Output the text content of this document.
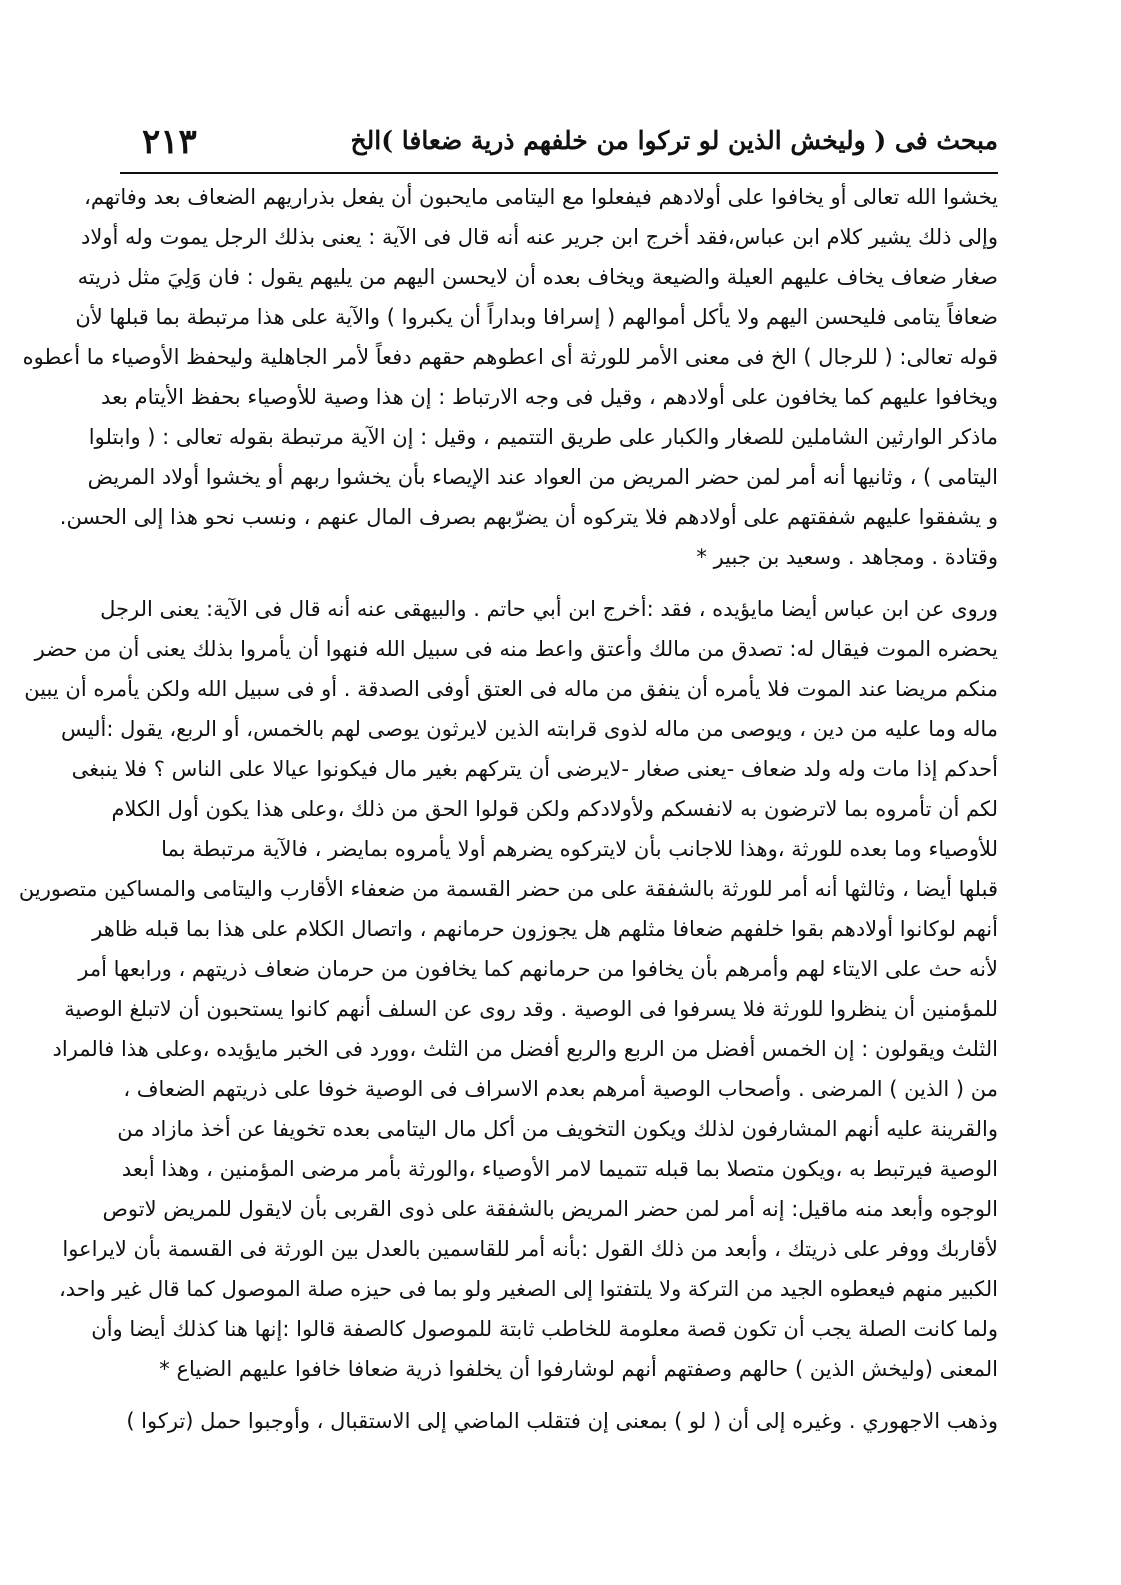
مبحث فى ( وليخش الذين لو تركوا من خلفهم ذرية ضعافا )الخ
٢١٣
يخشوا الله تعالى أو يخافوا على أولادهم فيفعلوا مع اليتامى مايحبون أن يفعل بذراريهم الضعاف بعد وفاتهم،
وإلى ذلك يشير كلام ابن عباس،فقد أخرج ابن جرير عنه أنه قال فى الآية : يعنى بذلك الرجل يموت وله أولاد
صغار ضعاف يخاف عليهم العيلة والضيعة ويخاف بعده أن لايحسن اليهم من يليهم يقول : فان وَلِيَ مثل ذريته
ضعافاً يتامى فليحسن اليهم ولا يأكل أموالهم ( إسرافا وبداراً أن يكبروا ) والآية على هذا مرتبطة بما قبلها لأن
قوله تعالى: ( للرجال ) الخ فى معنى الأمر للورثة أى اعطوهم حقهم دفعاً لأمر الجاهلية وليحفظ الأوصياء ما أعطوه
ويخافوا عليهم كما يخافون على أولادهم ، وقيل فى وجه الارتباط : إن هذا وصية للأوصياء بحفظ الأيتام بعد
ماذكر الوارثين الشاملين للصغار والكبار على طريق التتميم ، وقيل : إن الآية مرتبطة بقوله تعالى : ( وابتلوا
اليتامى ) ، وثانيها أنه أمر لمن حضر المريض من العواد عند الإيصاء بأن يخشوا ربهم أو يخشوا أولاد المريض
و يشفقوا عليهم شفقتهم على أولادهم فلا يتركوه أن يضرّبهم بصرف المال عنهم ، ونسب نحو هذا إلى الحسن.
وقتادة . ومجاهد . وسعيد بن جبير *
وروى عن ابن عباس أيضا مايؤيده ، فقد :أخرج ابن أبي حاتم . والبيهقى عنه أنه قال فى الآية: يعنى الرجل
يحضره الموت فيقال له: تصدق من مالك وأعتق واعط منه فى سبيل الله فنهوا أن يأمروا بذلك يعنى أن من حضر
منكم مريضا عند الموت فلا يأمره أن ينفق من ماله فى العتق أوفى الصدقة . أو فى سبيل الله ولكن يأمره أن يبين
ماله وما عليه من دين ، ويوصى من ماله لذوى قرابته الذين لايرثون يوصى لهم بالخمس، أو الربع، يقول :أليس
أحدكم إذا مات وله ولد ضعاف -يعنى صغار -لايرضى أن يتركهم بغير مال فيكونوا عيالا على الناس ؟ فلا ينبغى
لكم أن تأمروه بما لاترضون به لانفسكم ولأولادكم ولكن قولوا الحق من ذلك ،وعلى هذا يكون أول الكلام
للأوصياء وما بعده للورثة ،وهذا للاجانب بأن لايتركوه يضرهم أولا يأمروه بمايضر ، فالآية مرتبطة بما
قبلها أيضا ، وثالثها أنه أمر للورثة بالشفقة على من حضر القسمة من ضعفاء الأقارب واليتامى والمساكين متصورين
أنهم لوكانوا أولادهم بقوا خلفهم ضعافا مثلهم هل يجوزون حرمانهم ، واتصال الكلام على هذا بما قبله ظاهر
لأنه حث على الايتاء لهم وأمرهم بأن يخافوا من حرمانهم كما يخافون من حرمان ضعاف ذريتهم ، ورابعها أمر
للمؤمنين أن ينظروا للورثة فلا يسرفوا فى الوصية . وقد روى عن السلف أنهم كانوا يستحبون أن لاتبلغ الوصية
الثلث ويقولون : إن الخمس أفضل من الربع والربع أفضل من الثلث ،وورد فى الخبر مايؤيده ،وعلى هذا فالمراد
من ( الذين ) المرضى . وأصحاب الوصية أمرهم بعدم الاسراف فى الوصية خوفا على ذريتهم الضعاف ،
والقرينة عليه أنهم المشارفون لذلك ويكون التخويف من أكل مال اليتامى بعده تخويفا عن أخذ مازاد من
الوصية فيرتبط به ،ويكون متصلا بما قبله تتميما لامر الأوصياء ،والورثة بأمر مرضى المؤمنين ، وهذا أبعد
الوجوه وأبعد منه ماقيل: إنه أمر لمن حضر المريض بالشفقة على ذوى القربى بأن لايقول للمريض لاتوص
لأقاربك ووفر على ذريتك ، وأبعد من ذلك القول :بأنه أمر للقاسمين بالعدل بين الورثة فى القسمة بأن لايراعوا
الكبير منهم فيعطوه الجيد من التركة ولا يلتفتوا إلى الصغير ولو بما فى حيزه صلة الموصول كما قال غير واحد،
ولما كانت الصلة يجب أن تكون قصة معلومة للخاطب ثابتة للموصول كالصفة قالوا :إنها هنا كذلك أيضا وأن
المعنى (وليخش الذين ) حالهم وصفتهم أنهم لوشارفوا أن يخلفوا ذرية ضعافا خافوا عليهم الضياع *
وذهب الاجهوري . وغيره إلى أن ( لو ) بمعنى إن فتقلب الماضي إلى الاستقبال ، وأوجبوا حمل (تركوا )
